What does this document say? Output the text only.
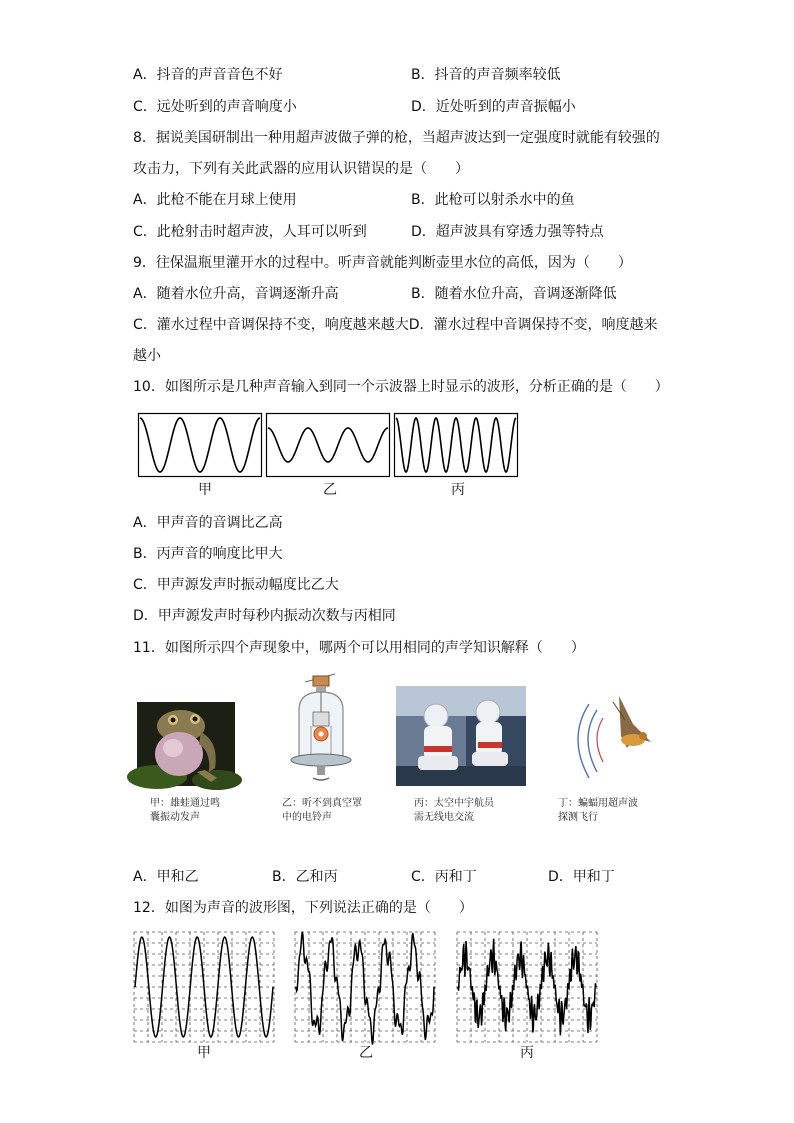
A．抖音的声音音色不好	B．抖音的声音频率较低
C．远处听到的声音响度小	D．近处听到的声音振幅小
8．据说美国研制出一种用超声波做子弹的枪，当超声波达到一定强度时就能有较强的
攻击力，下列有关此武器的应用认识错误的是（　　）
A．此枪不能在月球上使用	B．此枪可以射杀水中的鱼
C．此枪射击时超声波，人耳可以听到	D．超声波具有穿透力强等特点
9．往保温瓶里灌开水的过程中。听声音就能判断壶里水位的高低，因为（　　）
A．随着水位升高，音调逐渐升高	B．随着水位升高，音调逐渐降低
C．灌水过程中音调保持不变，响度越来越大D．灌水过程中音调保持不变，响度越来
越小
10．如图所示是几种声音输入到同一个示波器上时显示的波形，分析正确的是（　　）
甲	乙	丙
A．甲声音的音调比乙高
B．丙声音的响度比甲大
C．甲声源发声时振动幅度比乙大
D．甲声源发声时每秒内振动次数与丙相同
11．如图所示四个声现象中，哪两个可以用相同的声学知识解释（　　）
甲：雄蛙通过鸣
囊振动发声
乙：听不到真空罩
中的电铃声
丙：太空中宇航员
需无线电交流
丁：蝙蝠用超声波
探测飞行
A．甲和乙	B．乙和丙	C．丙和丁	D．甲和丁
12．如图为声音的波形图，下列说法正确的是（　　）
甲	乙	丙
